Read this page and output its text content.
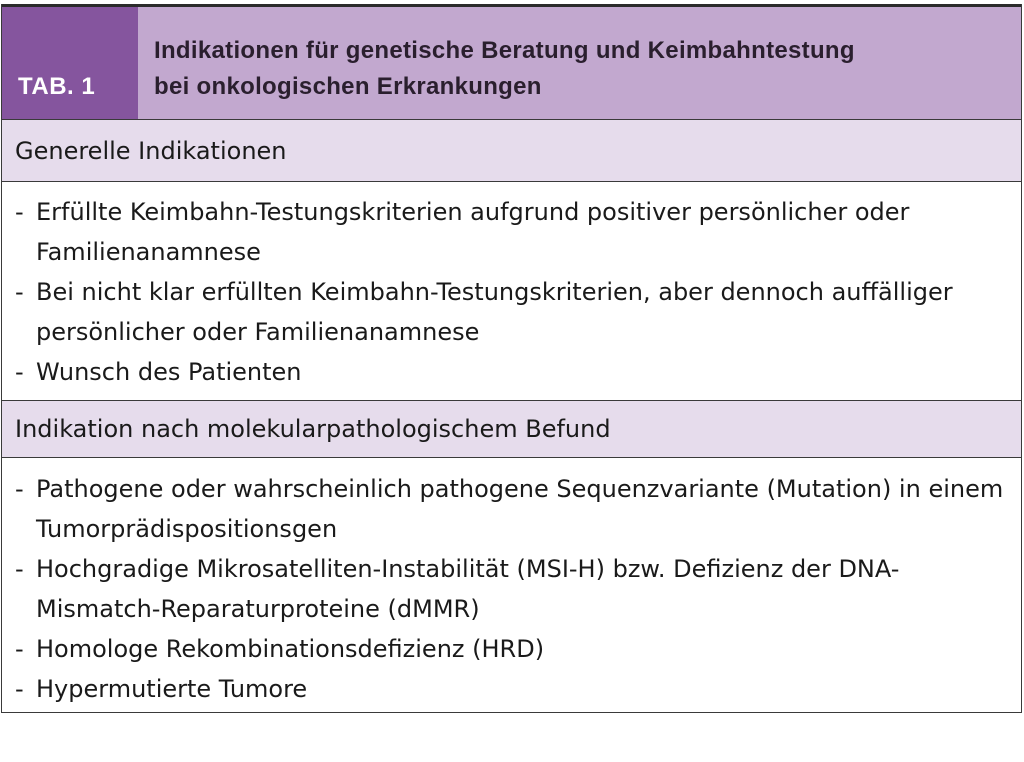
TAB. 1
Indikationen für genetische Beratung und Keimbahntestung
bei onkologischen Erkrankungen
Generelle Indikationen
- Erfüllte Keimbahn-Testungskriterien aufgrund positiver persönlicher oder Familienanamnese
- Bei nicht klar erfüllten Keimbahn-Testungskriterien, aber dennoch auffälliger persönlicher oder Familienanamnese
- Wunsch des Patienten
Indikation nach molekularpathologischem Befund
- Pathogene oder wahrscheinlich pathogene Sequenzvariante (Mutation) in einem Tumorprädispositionsgen
- Hochgradige Mikrosatelliten-Instabilität (MSI-H) bzw. Defizienz der DNA-Mismatch-Reparaturproteine (dMMR)
- Homologe Rekombinationsdefizienz (HRD)
- Hypermutierte Tumore
